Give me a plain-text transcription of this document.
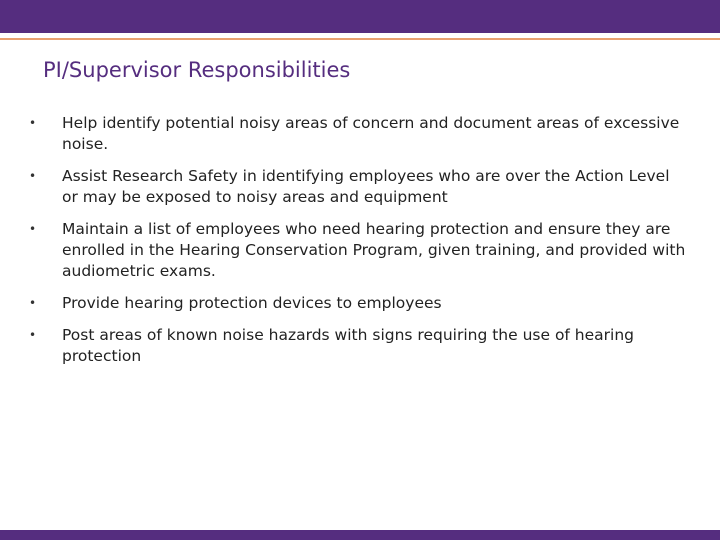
PI/Supervisor Responsibilities
• Help identify potential noisy areas of concern and document areas of excessive noise.
• Assist Research Safety in identifying employees who are over the Action Level or may be exposed to noisy areas and equipment
• Maintain a list of employees who need hearing protection and ensure they are enrolled in the Hearing Conservation Program, given training, and provided with audiometric exams.
• Provide hearing protection devices to employees
• Post areas of known noise hazards with signs requiring the use of hearing protection
